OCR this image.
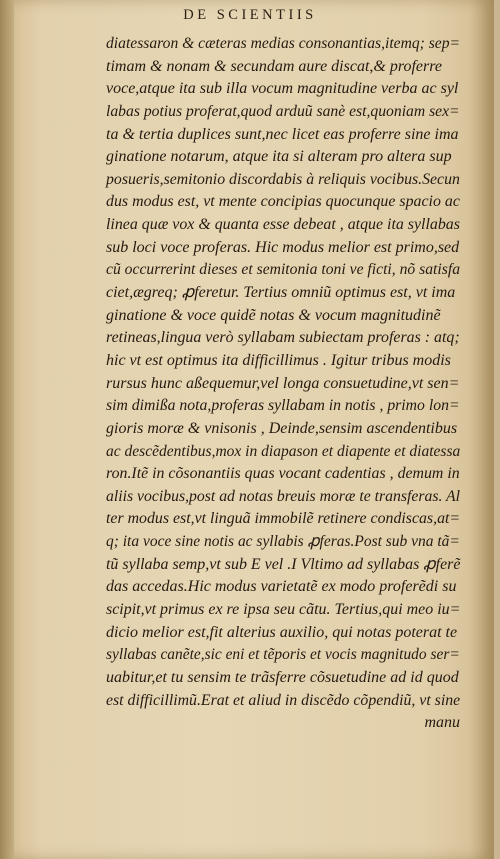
DE SCIENTIIS
diatessaron & cæteras medias consonantias,itemq; sep=
timam & nonam & secundam aure discat,& proferre
voce,atque ita sub illa vocum magnitudine verba ac syl
labas potius proferat,quod arduũ sanè est,quoniam sex=
ta & tertia duplices sunt,nec licet eas proferre sine ima
ginatione notarum, atque ita si alteram pro altera sup
posueris,semitonio discordabis à reliquis vocibus.Secun
dus modus est, vt mente concipias quocunque spacio ac
linea quæ vox & quanta esse debeat , atque ita syllabas
sub loci voce proferas. Hic modus melior est primo,sed
cũ occurrerint dieses et semitonia toni ve ficti, nõ satisfa
ciet,ægreq; ꝓferetur. Tertius omniũ optimus est, vt ima
ginatione & voce quidẽ notas & vocum magnitudinẽ
retineas,lingua verò syllabam subiectam proferas : atq;
hic vt est optimus ita difficillimus . Igitur tribus modis
rursus hunc aßequemur,vel longa consuetudine,vt sen=
sim dimißa nota,proferas syllabam in notis , primo lon=
gioris moræ & vnisonis , Deinde,sensim ascendentibus
ac descẽdentibus,mox in diapason et diapente et diatessa
ron.Itẽ in cõsonantiis quas vocant cadentias , demum in
aliis vocibus,post ad notas breuis moræ te transferas. Al
ter modus est,vt linguã immobilẽ retinere condiscas,at=
q; ita voce sine notis ac syllabis ꝓferas.Post sub vna tã=
tũ syllaba semp,vt sub E vel .I Vltimo ad syllabas ꝓferẽ
das accedas.Hic modus varietatẽ ex modo proferẽdi su
scipit,vt primus ex re ipsa seu cãtu. Tertius,qui meo iu=
dicio melior est,fit alterius auxilio, qui notas poterat te
syllabas canẽte,sic eni et tẽporis et vocis magnitudo ser=
uabitur,et tu sensim te trãsferre cõsuetudine ad id quod
est difficillimũ.Erat et aliud in discẽdo cõpendiũ, vt sine
manu
